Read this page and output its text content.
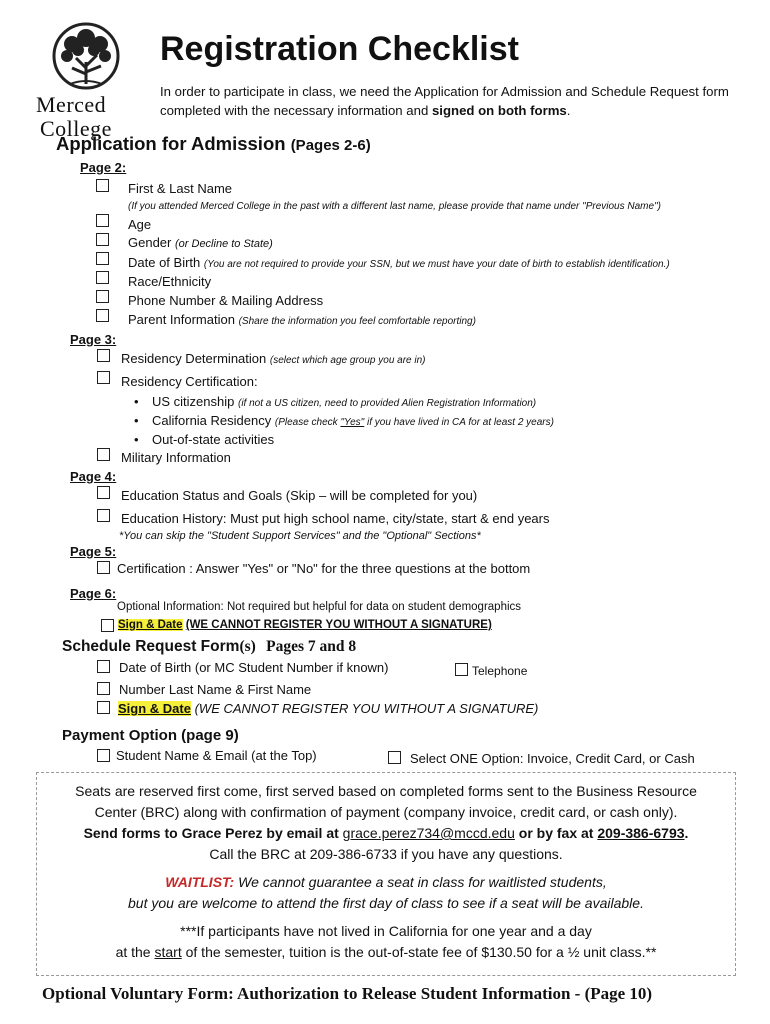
Merced
College
Registration Checklist
In order to participate in class, we need the Application for Admission and Schedule Request form completed with the necessary information and signed on both forms.
Application for Admission (Pages 2-6)
Page 2:
First & Last Name
(If you attended Merced College in the past with a different last name, please provide that name under "Previous Name")
Age
Gender (or Decline to State)
Date of Birth (You are not required to provide your SSN, but we must have your date of birth to establish identification.)
Race/Ethnicity
Phone Number & Mailing Address
Parent Information (Share the information you feel comfortable reporting)
Page 3:
Residency Determination (select which age group you are in)
Residency Certification:
• US citizenship (if not a US citizen, need to provided Alien Registration Information)
• California Residency (Please check "Yes" if you have lived in CA for at least 2 years)
• Out-of-state activities
Military Information
Page 4:
Education Status and Goals (Skip – will be completed for you)
Education History: Must put high school name, city/state, start & end years
*You can skip the "Student Support Services" and the "Optional" Sections*
Page 5:
Certification : Answer "Yes" or "No" for the three questions at the bottom
Page 6:
Optional Information: Not required but helpful for data on student demographics
Sign & Date (WE CANNOT REGISTER YOU WITHOUT A SIGNATURE)
Schedule Request Form(s) Pages 7 and 8
Date of Birth (or MC Student Number if known)	Telephone
Number Last Name & First Name
Sign & Date (WE CANNOT REGISTER YOU WITHOUT A SIGNATURE)
Payment Option (page 9)
Student Name & Email (at the Top)	Select ONE Option: Invoice, Credit Card, or Cash
Seats are reserved first come, first served based on completed forms sent to the Business Resource
Center (BRC) along with confirmation of payment (company invoice, credit card, or cash only).
Send forms to Grace Perez by email at grace.perez734@mccd.edu or by fax at 209-386-6793.
Call the BRC at 209-386-6733 if you have any questions.
WAITLIST: We cannot guarantee a seat in class for waitlisted students,
but you are welcome to attend the first day of class to see if a seat will be available.
***If participants have not lived in California for one year and a day
at the start of the semester, tuition is the out-of-state fee of $130.50 for a ½ unit class.**
Optional Voluntary Form: Authorization to Release Student Information - (Page 10)
